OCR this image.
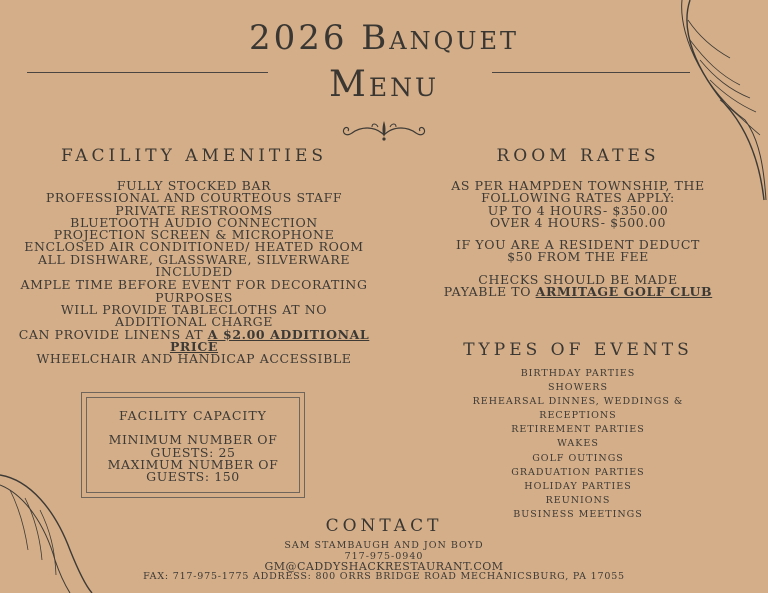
2026 Banquet
Menu
FACILITY AMENITIES
FULLY STOCKED BAR
PROFESSIONAL AND COURTEOUS STAFF
PRIVATE RESTROOMS
BLUETOOTH AUDIO CONNECTION
PROJECTION SCREEN & MICROPHONE
ENCLOSED AIR CONDITIONED/ HEATED ROOM
ALL DISHWARE, GLASSWARE, SILVERWARE
INCLUDED
AMPLE TIME BEFORE EVENT FOR DECORATING
PURPOSES
WILL PROVIDE TABLECLOTHS AT NO
ADDITIONAL CHARGE
CAN PROVIDE LINENS AT A $2.00 ADDITIONAL
PRICE
WHEELCHAIR AND HANDICAP ACCESSIBLE
FACILITY CAPACITY
MINIMUM NUMBER OF
GUESTS: 25
MAXIMUM NUMBER OF
GUESTS: 150
ROOM RATES
AS PER HAMPDEN TOWNSHIP, THE
FOLLOWING RATES APPLY:
UP TO 4 HOURS- $350.00
OVER 4 HOURS- $500.00
IF YOU ARE A RESIDENT DEDUCT
$50 FROM THE FEE
CHECKS SHOULD BE MADE
PAYABLE TO ARMITAGE GOLF CLUB
TYPES OF EVENTS
BIRTHDAY PARTIES
SHOWERS
REHEARSAL DINNES, WEDDINGS &
RECEPTIONS
RETIREMENT PARTIES
WAKES
GOLF OUTINGS
GRADUATION PARTIES
HOLIDAY PARTIES
REUNIONS
BUSINESS MEETINGS
CONTACT
SAM STAMBAUGH AND JON BOYD
717-975-0940
GM@CADDYSHACKRESTAURANT.COM
FAX: 717-975-1775 ADDRESS: 800 ORRS BRIDGE ROAD MECHANICSBURG, PA 17055
